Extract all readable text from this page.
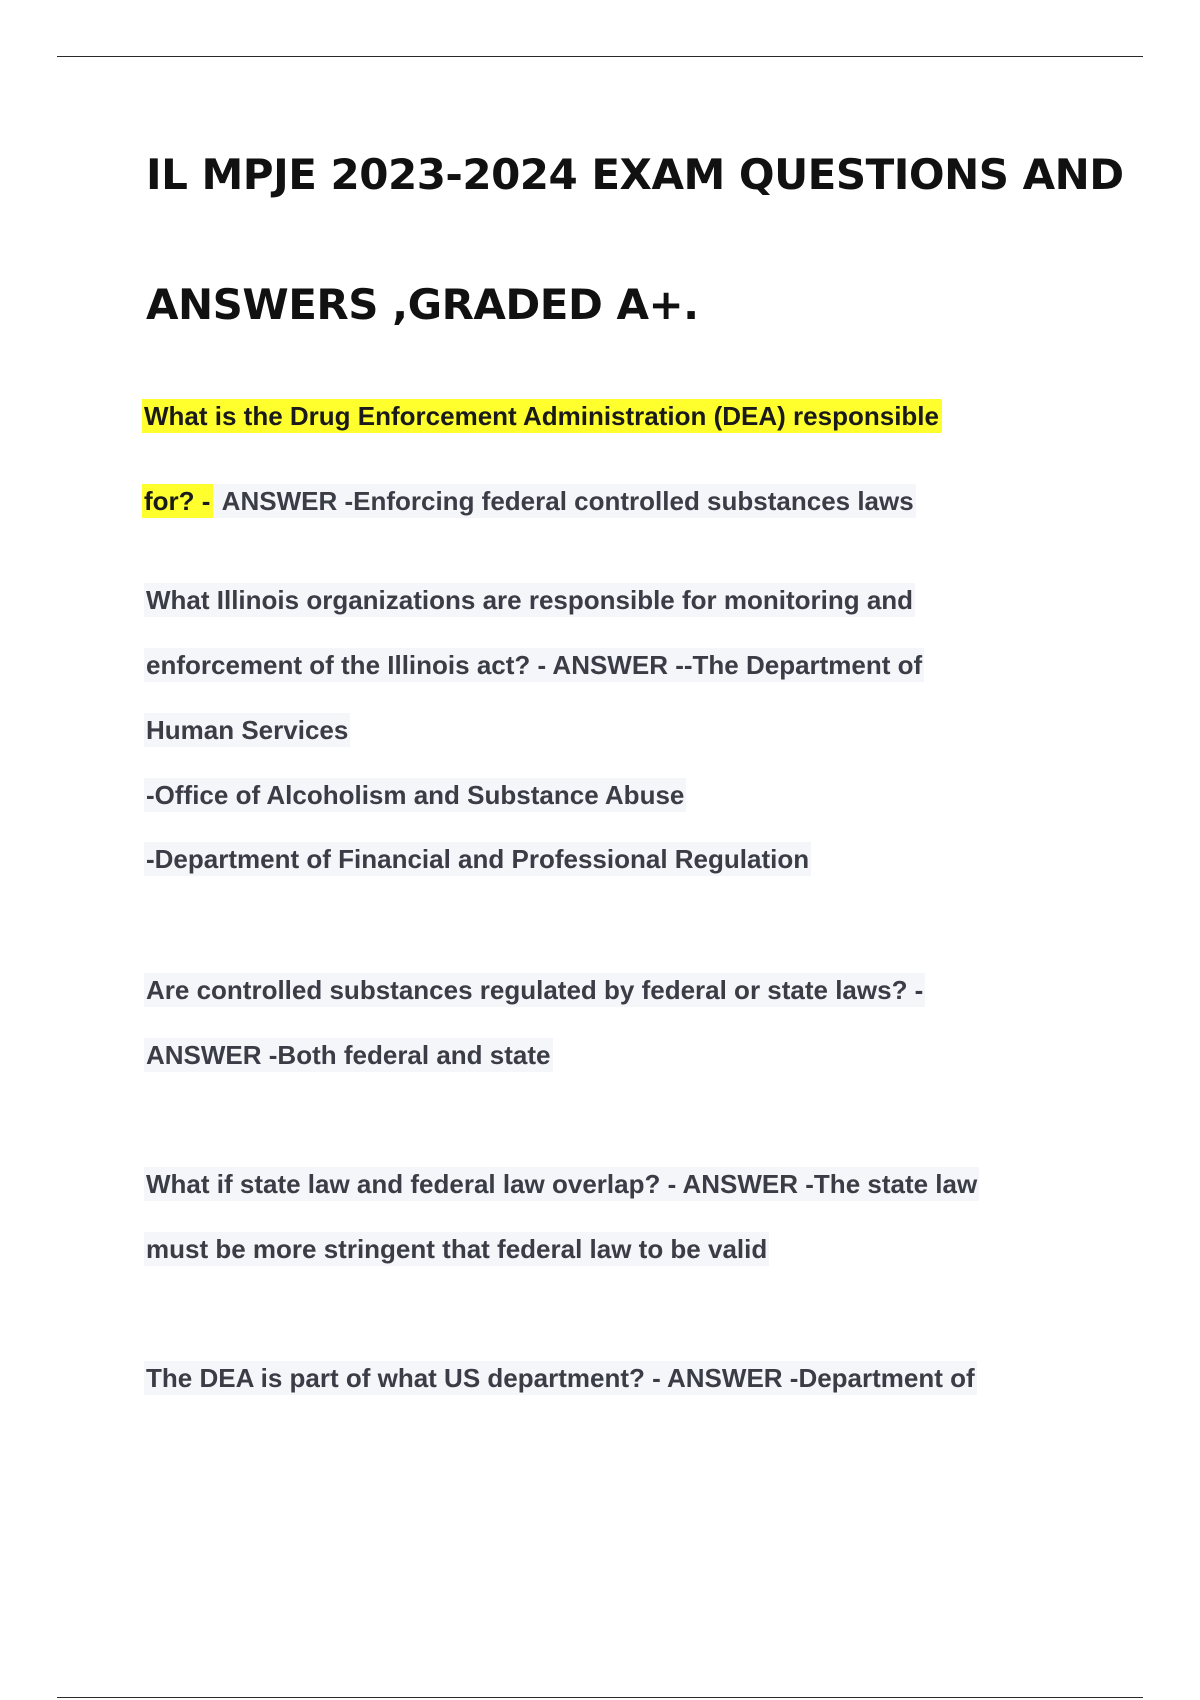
IL MPJE 2023-2024 EXAM QUESTIONS AND
ANSWERS ,GRADED A+.
What is the Drug Enforcement Administration (DEA) responsible
for? - ANSWER -Enforcing federal controlled substances laws
What Illinois organizations are responsible for monitoring and
enforcement of the Illinois act? - ANSWER --The Department of
Human Services
-Office of Alcoholism and Substance Abuse
-Department of Financial and Professional Regulation
Are controlled substances regulated by federal or state laws? -
ANSWER -Both federal and state
What if state law and federal law overlap? - ANSWER -The state law
must be more stringent that federal law to be valid
The DEA is part of what US department? - ANSWER -Department of
